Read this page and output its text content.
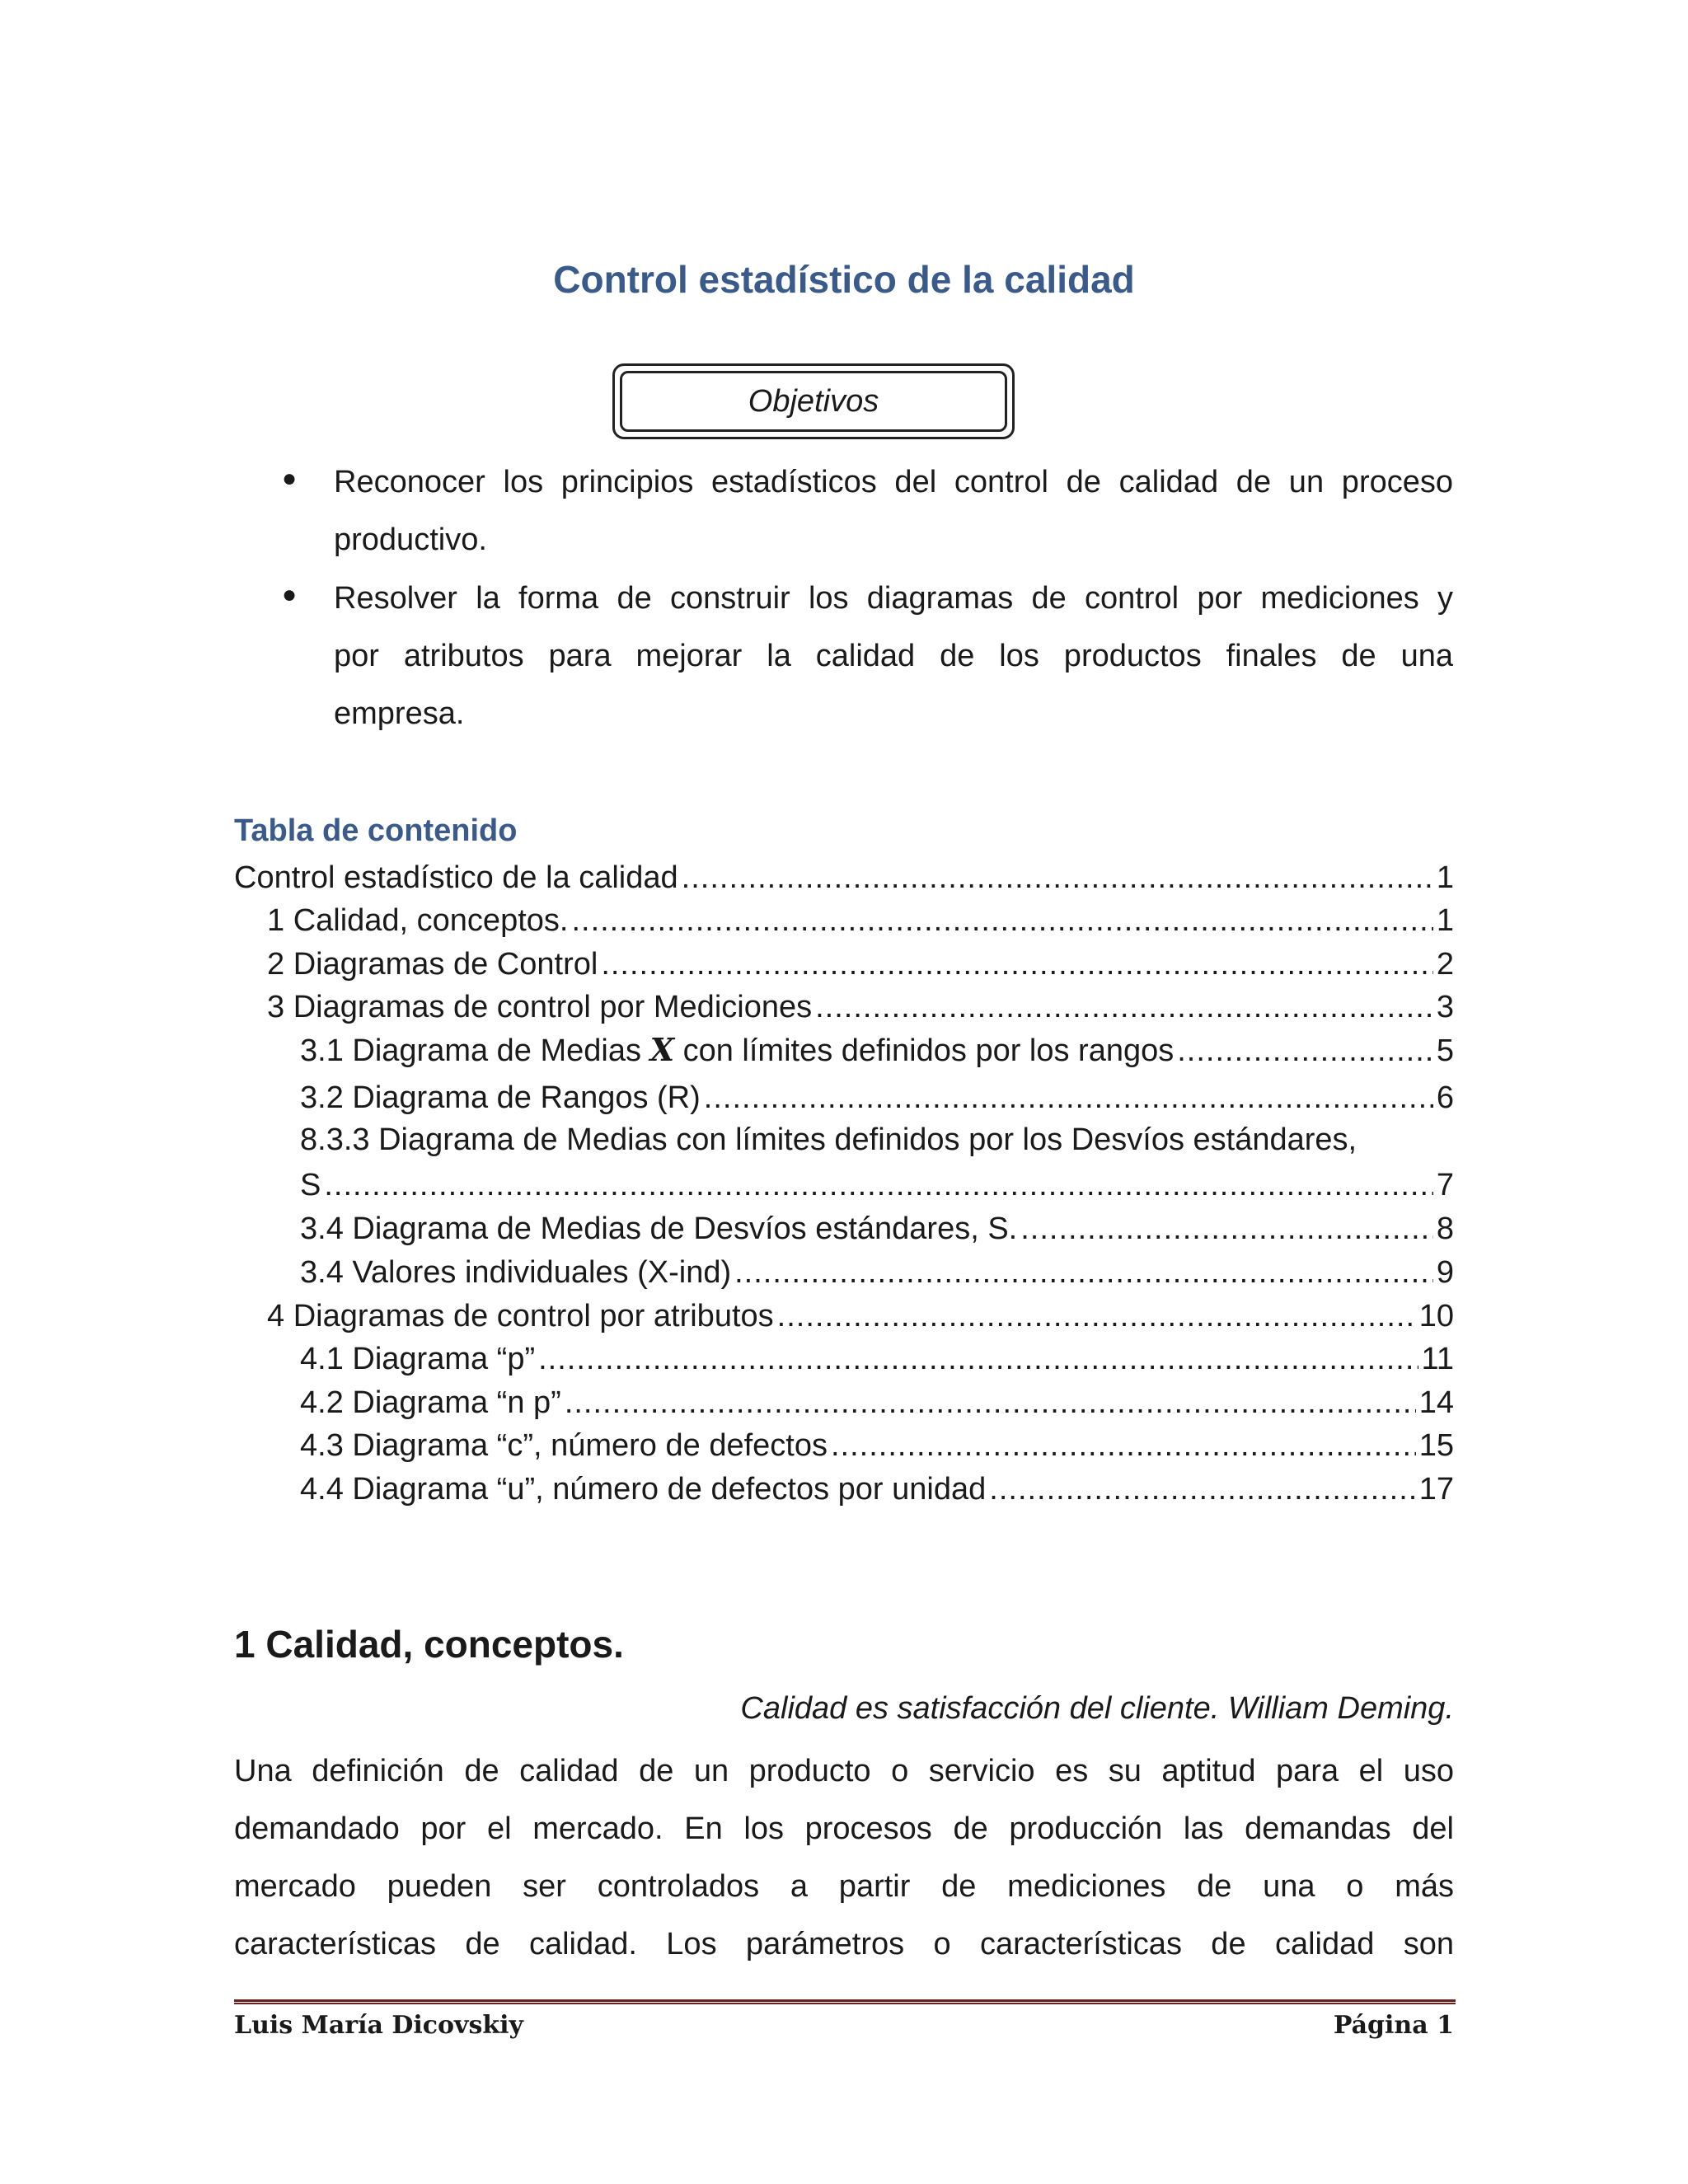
Control estadístico de la calidad
Objetivos
● Reconocer los principios estadísticos del control de calidad de un proceso
productivo.
● Resolver la forma de construir los diagramas de control por mediciones y
por atributos para mejorar la calidad de los productos finales de una
empresa.
Tabla de contenido
Control estadístico de la calidad .....	1
1 Calidad, conceptos. .....	1
2 Diagramas de Control .....	2
3 Diagramas de control por Mediciones .....	3
3.1 Diagrama de Medias X con límites definidos por los rangos .....	5
3.2 Diagrama de Rangos (R) .....	6
8.3.3 Diagrama de Medias con límites definidos por los Desvíos estándares,
S .....	7
3.4 Diagrama de Medias de Desvíos estándares, S. .....	8
3.4 Valores individuales (X-ind) .....	9
4 Diagramas de control por atributos .....	10
4.1 Diagrama “p” .....	11
4.2 Diagrama “n p” .....	14
4.3 Diagrama “c”, número de defectos .....	15
4.4 Diagrama “u”, número de defectos por unidad .....	17
1 Calidad, conceptos.
Calidad es satisfacción del cliente. William Deming.
Una definición de calidad de un producto o servicio es su aptitud para el uso
demandado por el mercado. En los procesos de producción las demandas del
mercado pueden ser controlados a partir de mediciones de una o más
características de calidad. Los parámetros o características de calidad son
Luis María Dicovskiy	Página 1
